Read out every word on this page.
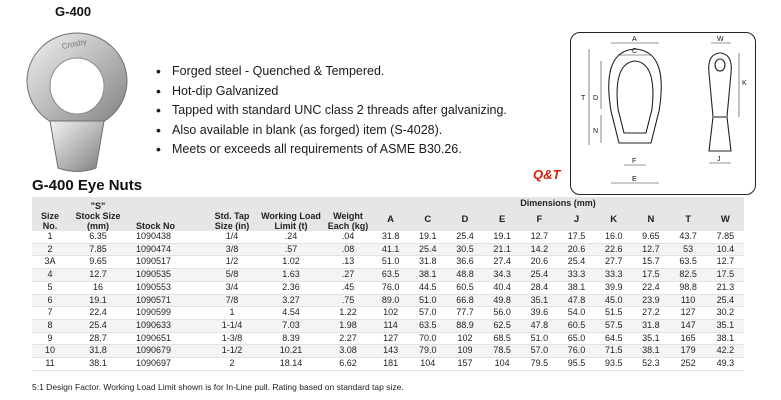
G-400
Crosby
• Forged steel - Quenched & Tempered.
• Hot-dip Galvanized
• Tapped with standard UNC class 2 threads after galvanizing.
• Also available in blank (as forged) item (S-4028).
• Meets or exceeds all requirements of ASME B30.26.
A
C
T D
N
F
E
W
K
J
Q&T
G-400 Eye Nuts
Size No.	"S"
Stock Size (mm)	Stock No	Std. Tap Size (in)	Working Load Limit (t)	Weight Each (kg)	Dimensions (mm)									
						A	C	D	E	F	J	K	N	T	W
1	6.35	1090438	1/4	.24	.04	31.8	19.1	25.4	19.1	12.7	17.5	16.0	9.65	43.7	7.85
2	7.85	1090474	3/8	.57	.08	41.1	25.4	30.5	21.1	14.2	20.6	22.6	12.7	53	10.4
3A	9.65	1090517	1/2	1.02	.13	51.0	31.8	36.6	27.4	20.6	25.4	27.7	15.7	63.5	12.7
4	12.7	1090535	5/8	1.63	.27	63.5	38.1	48.8	34.3	25.4	33.3	33.3	17.5	82.5	17.5
5	16	1090553	3/4	2.36	.45	76.0	44.5	60.5	40.4	28.4	38.1	39.9	22.4	98.8	21.3
6	19.1	1090571	7/8	3.27	.75	89.0	51.0	66.8	49.8	35.1	47.8	45.0	23.9	110	25.4
7	22.4	1090599	1	4.54	1.22	102	57.0	77.7	56.0	39.6	54.0	51.5	27.2	127	30.2
8	25.4	1090633	1-1/4	7.03	1.98	114	63.5	88.9	62.5	47.8	60.5	57.5	31.8	147	35.1
9	28.7	1090651	1-3/8	8.39	2.27	127	70.0	102	68.5	51.0	65.0	64.5	35.1	165	38.1
10	31.8	1090679	1-1/2	10.21	3.08	143	79.0	109	78.5	57.0	76.0	71.5	38.1	179	42.2
11	38.1	1090697	2	18.14	6.62	181	104	157	104	79.5	95.5	93.5	52.3	252	49.3
5:1 Design Factor. Working Load Limit shown is for In-Line pull. Rating based on standard tap size.
